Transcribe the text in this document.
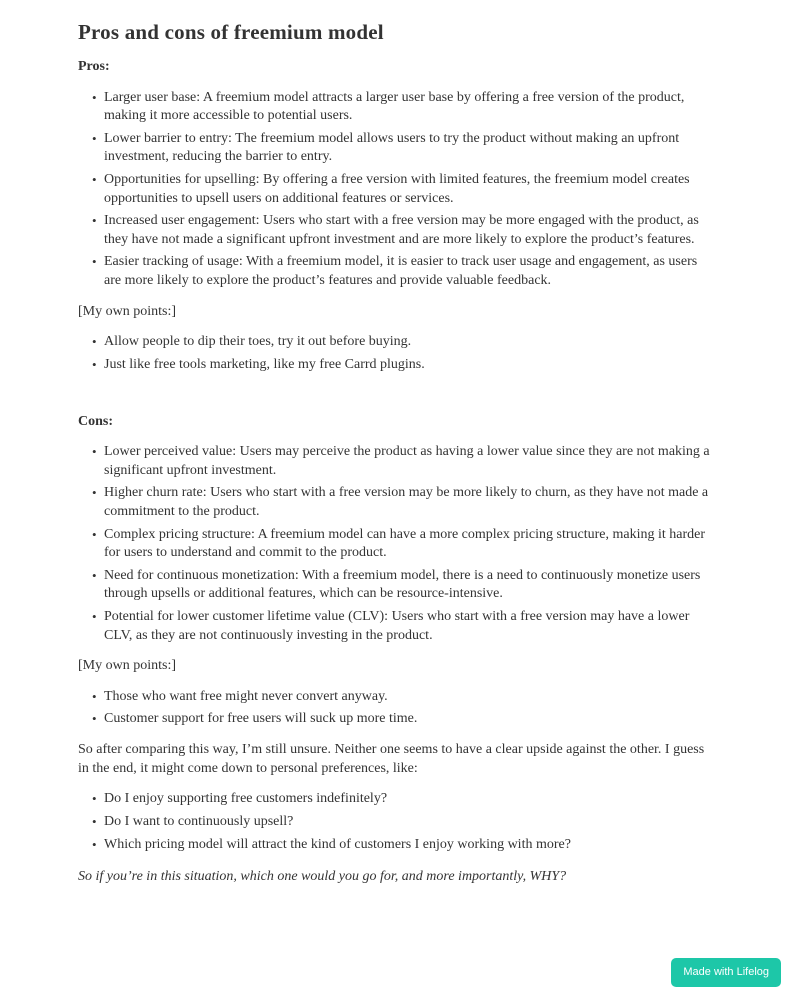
Pros and cons of freemium model
Pros:
• Larger user base: A freemium model attracts a larger user base by offering a free version of the product, making it more accessible to potential users.
• Lower barrier to entry: The freemium model allows users to try the product without making an upfront investment, reducing the barrier to entry.
• Opportunities for upselling: By offering a free version with limited features, the freemium model creates opportunities to upsell users on additional features or services.
• Increased user engagement: Users who start with a free version may be more engaged with the product, as they have not made a significant upfront investment and are more likely to explore the product’s features.
• Easier tracking of usage: With a freemium model, it is easier to track user usage and engagement, as users are more likely to explore the product’s features and provide valuable feedback.

[My own points:]

• Allow people to dip their toes, try it out before buying.
• Just like free tools marketing, like my free Carrd plugins.
Cons:
• Lower perceived value: Users may perceive the product as having a lower value since they are not making a significant upfront investment.
• Higher churn rate: Users who start with a free version may be more likely to churn, as they have not made a commitment to the product.
• Complex pricing structure: A freemium model can have a more complex pricing structure, making it harder for users to understand and commit to the product.
• Need for continuous monetization: With a freemium model, there is a need to continuously monetize users through upsells or additional features, which can be resource-intensive.
• Potential for lower customer lifetime value (CLV): Users who start with a free version may have a lower CLV, as they are not continuously investing in the product.

[My own points:]

• Those who want free might never convert anyway.
• Customer support for free users will suck up more time.

So after comparing this way, I’m still unsure. Neither one seems to have a clear upside against the other. I guess in the end, it might come down to personal preferences, like:

• Do I enjoy supporting free customers indefinitely?
• Do I want to continuously upsell?
• Which pricing model will attract the kind of customers I enjoy working with more?

So if you’re in this situation, which one would you go for, and more importantly, WHY?

Made with Lifelog
